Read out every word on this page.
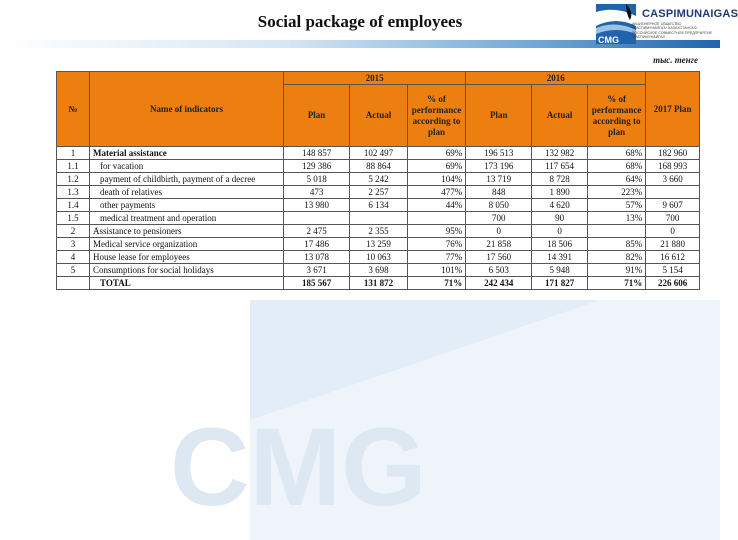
CMG
Social package of employees
CMG
CASPIMUNAIGAS
АКЦИОНЕРНОЕ ОБЩЕСТВО «КАСПИМУНАЙГАЗ» КАЗАХСТАНСКО-РОССИЙСКОЕ СОВМЕСТНОЕ ПРЕДПРИЯТИЕ "КАСПИМУНАЙГАЗ"
тыс. тенге
№	Name of indicators	2015			2016			2017 Plan
		Plan	Actual	% of performance according to plan	Plan	Actual	% of performance according to plan	
1	Material assistance	148 857	102 497	69%	196 513	132 982	68%	182 960
1.1	for vacation	129 386	88 864	69%	173 196	117 654	68%	168 993
1.2	payment of childbirth, payment of a decree	5 018	5 242	104%	13 719	8 728	64%	3 660
1.3	death of relatives	473	2 257	477%	848	1 890	223%	
1.4	other payments	13 980	6 134	44%	8 050	4 620	57%	9 607
1.5	medical treatment and operation				700	90	13%	700
2	Assistance to pensioners	2 475	2 355	95%	0	0		0
3	Medical service organization	17 486	13 259	76%	21 858	18 506	85%	21 880
4	House lease for employees	13 078	10 063	77%	17 560	14 391	82%	16 612
5	Consumptions for social holidays	3 671	3 698	101%	6 503	5 948	91%	5 154
	TOTAL	185 567	131 872	71%	242 434	171 827	71%	226 606
